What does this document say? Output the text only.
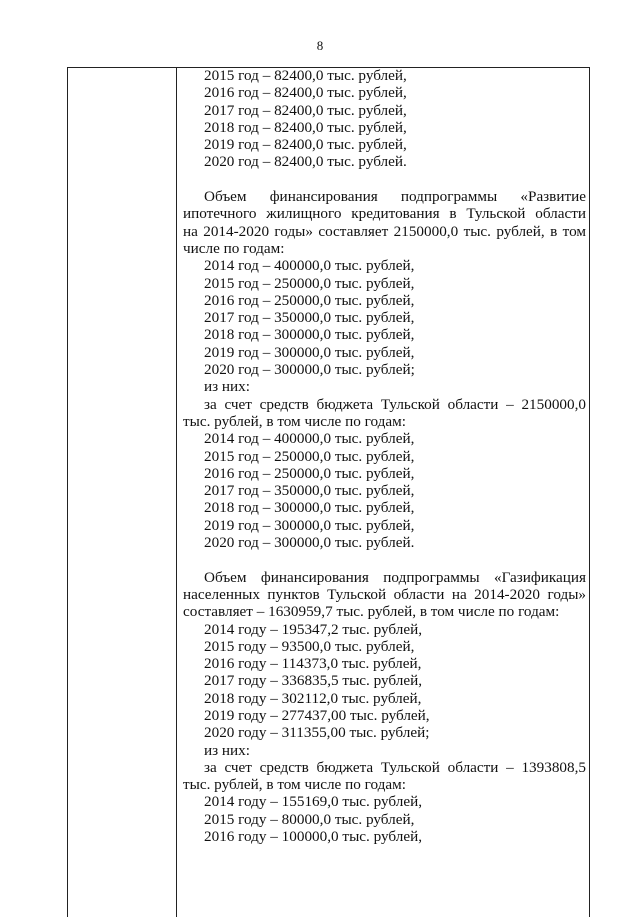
8
2015 год – 82400,0 тыс. рублей,
2016 год – 82400,0 тыс. рублей,
2017 год – 82400,0 тыс. рублей,
2018 год – 82400,0 тыс. рублей,
2019 год – 82400,0 тыс. рублей,
2020 год – 82400,0 тыс. рублей.
Объем финансирования подпрограммы «Развитие
ипотечного жилищного кредитования в Тульской области
на 2014-2020 годы» составляет 2150000,0 тыс. рублей, в том
числе по годам:
2014 год – 400000,0 тыс. рублей,
2015 год – 250000,0 тыс. рублей,
2016 год – 250000,0 тыс. рублей,
2017 год – 350000,0 тыс. рублей,
2018 год – 300000,0 тыс. рублей,
2019 год – 300000,0 тыс. рублей,
2020 год – 300000,0 тыс. рублей;
из них:
за счет средств бюджета Тульской области – 2150000,0
тыс. рублей, в том числе по годам:
2014 год – 400000,0 тыс. рублей,
2015 год – 250000,0 тыс. рублей,
2016 год – 250000,0 тыс. рублей,
2017 год – 350000,0 тыс. рублей,
2018 год – 300000,0 тыс. рублей,
2019 год – 300000,0 тыс. рублей,
2020 год – 300000,0 тыс. рублей.
Объем финансирования подпрограммы «Газификация
населенных пунктов Тульской области на 2014-2020 годы»
составляет – 1630959,7 тыс. рублей, в том числе по годам:
2014 году – 195347,2 тыс. рублей,
2015 году – 93500,0 тыс. рублей,
2016 году – 114373,0 тыс. рублей,
2017 году – 336835,5 тыс. рублей,
2018 году – 302112,0 тыс. рублей,
2019 году – 277437,00 тыс. рублей,
2020 году – 311355,00 тыс. рублей;
из них:
за счет средств бюджета Тульской области – 1393808,5
тыс. рублей, в том числе по годам:
2014 году – 155169,0 тыс. рублей,
2015 году – 80000,0 тыс. рублей,
2016 году – 100000,0 тыс. рублей,
